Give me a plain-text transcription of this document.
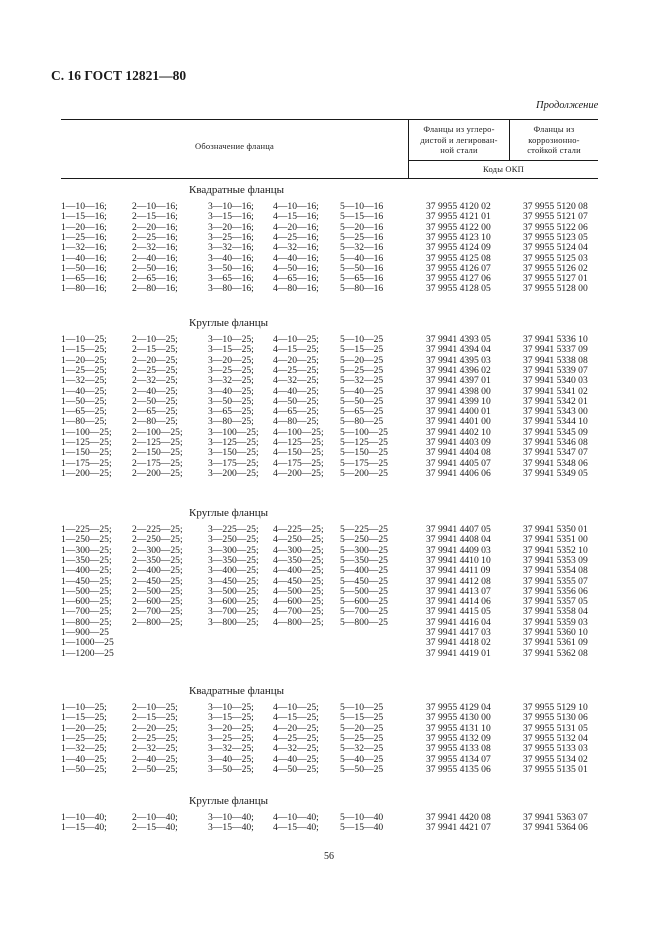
С. 16 ГОСТ 12821—80
Продолжение
Обозначение фланца
Фланцы из углеро-
дистой и легирован-
ной стали
Фланцы из
коррозионно-
стойкой стали
Коды ОКП
Квадратные фланцы
1—10—16;	2—10—16;	3—10—16; 4—10—16; 5—10—16	37 9955 4120 02	37 9955 5120 08
1—15—16;	2—15—16;	3—15—16; 4—15—16; 5—15—16	37 9955 4121 01	37 9955 5121 07
1—20—16;	2—20—16;	3—20—16; 4—20—16; 5—20—16	37 9955 4122 00	37 9955 5122 06
1—25—16;	2—25—16;	3—25—16; 4—25—16; 5—25—16	37 9955 4123 10	37 9955 5123 05
1—32—16;	2—32—16;	3—32—16; 4—32—16; 5—32—16	37 9955 4124 09	37 9955 5124 04
1—40—16;	2—40—16;	3—40—16; 4—40—16; 5—40—16	37 9955 4125 08	37 9955 5125 03
1—50—16;	2—50—16;	3—50—16; 4—50—16; 5—50—16	37 9955 4126 07	37 9955 5126 02
1—65—16;	2—65—16;	3—65—16; 4—65—16; 5—65—16	37 9955 4127 06	37 9955 5127 01
1—80—16;	2—80—16;	3—80—16; 4—80—16; 5—80—16	37 9955 4128 05	37 9955 5128 00
Круглые фланцы
1—10—25;	2—10—25;	3—10—25; 4—10—25; 5—10—25	37 9941 4393 05	37 9941 5336 10
1—15—25;	2—15—25;	3—15—25; 4—15—25; 5—15—25	37 9941 4394 04	37 9941 5337 09
1—20—25;	2—20—25;	3—20—25; 4—20—25; 5—20—25	37 9941 4395 03	37 9941 5338 08
1—25—25;	2—25—25;	3—25—25; 4—25—25; 5—25—25	37 9941 4396 02	37 9941 5339 07
1—32—25;	2—32—25;	3—32—25; 4—32—25; 5—32—25	37 9941 4397 01	37 9941 5340 03
1—40—25;	2—40—25;	3—40—25; 4—40—25; 5—40—25	37 9941 4398 00	37 9941 5341 02
1—50—25;	2—50—25;	3—50—25; 4—50—25; 5—50—25	37 9941 4399 10	37 9941 5342 01
1—65—25;	2—65—25;	3—65—25; 4—65—25; 5—65—25	37 9941 4400 01	37 9941 5343 00
1—80—25;	2—80—25;	3—80—25; 4—80—25; 5—80—25	37 9941 4401 00	37 9941 5344 10
1—100—25; 2—100—25;	3—100—25; 4—100—25; 5—100—25	37 9941 4402 10	37 9941 5345 09
1—125—25; 2—125—25;	3—125—25; 4—125—25; 5—125—25	37 9941 4403 09	37 9941 5346 08
1—150—25; 2—150—25;	3—150—25; 4—150—25; 5—150—25	37 9941 4404 08	37 9941 5347 07
1—175—25; 2—175—25;	3—175—25; 4—175—25; 5—175—25	37 9941 4405 07	37 9941 5348 06
1—200—25; 2—200—25;	3—200—25; 4—200—25; 5—200—25	37 9941 4406 06	37 9941 5349 05
Круглые фланцы
1—225—25; 2—225—25;	3—225—25; 4—225—25; 5—225—25	37 9941 4407 05	37 9941 5350 01
1—250—25; 2—250—25;	3—250—25; 4—250—25; 5—250—25	37 9941 4408 04	37 9941 5351 00
1—300—25; 2—300—25;	3—300—25; 4—300—25; 5—300—25	37 9941 4409 03	37 9941 5352 10
1—350—25; 2—350—25;	3—350—25; 4—350—25; 5—350—25	37 9941 4410 10	37 9941 5353 09
1—400—25; 2—400—25;	3—400—25; 4—400—25; 5—400—25	37 9941 4411 09	37 9941 5354 08
1—450—25; 2—450—25;	3—450—25; 4—450—25; 5—450—25	37 9941 4412 08	37 9941 5355 07
1—500—25; 2—500—25;	3—500—25; 4—500—25; 5—500—25	37 9941 4413 07	37 9941 5356 06
1—600—25; 2—600—25;	3—600—25; 4—600—25; 5—600—25	37 9941 4414 06	37 9941 5357 05
1—700—25; 2—700—25;	3—700—25; 4—700—25; 5—700—25	37 9941 4415 05	37 9941 5358 04
1—800—25; 2—800—25;	3—800—25; 4—800—25; 5—800—25	37 9941 4416 04	37 9941 5359 03
1—900—25	37 9941 4417 03	37 9941 5360 10
1—1000—25	37 9941 4418 02	37 9941 5361 09
1—1200—25	37 9941 4419 01	37 9941 5362 08
Квадратные фланцы
1—10—25;	2—10—25;	3—10—25; 4—10—25; 5—10—25	37 9955 4129 04	37 9955 5129 10
1—15—25;	2—15—25;	3—15—25; 4—15—25; 5—15—25	37 9955 4130 00	37 9955 5130 06
1—20—25;	2—20—25;	3—20—25; 4—20—25; 5—20—25	37 9955 4131 10	37 9955 5131 05
1—25—25;	2—25—25;	3—25—25; 4—25—25; 5—25—25	37 9955 4132 09	37 9955 5132 04
1—32—25;	2—32—25;	3—32—25; 4—32—25; 5—32—25	37 9955 4133 08	37 9955 5133 03
1—40—25;	2—40—25;	3—40—25; 4—40—25; 5—40—25	37 9955 4134 07	37 9955 5134 02
1—50—25;	2—50—25;	3—50—25; 4—50—25; 5—50—25	37 9955 4135 06	37 9955 5135 01
Круглые фланцы
1—10—40;	2—10—40;	3—10—40; 4—10—40; 5—10—40	37 9941 4420 08	37 9941 5363 07
1—15—40;	2—15—40;	3—15—40; 4—15—40; 5—15—40	37 9941 4421 07	37 9941 5364 06
56
